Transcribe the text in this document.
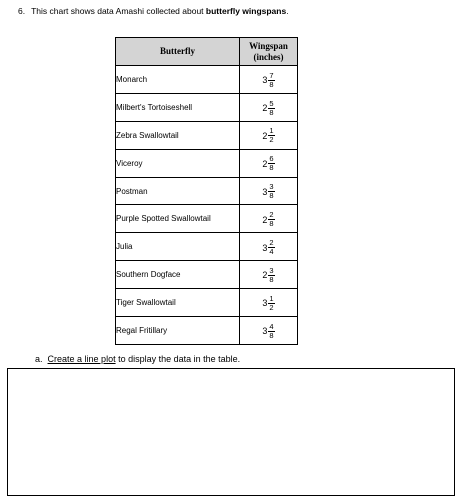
6. This chart shows data Amashi collected about butterfly wingspans.
Butterfly	Wingspan
(inches)
Monarch	$3 \frac{7}{8}$

Milbert's Tortoiseshell	$2 \frac{5}{8}$

Zebra Swallowtail	$2 \frac{1}{2}$

Viceroy	$2 \frac{6}{8}$

Postman	$3 \frac{3}{8}$

Purple Spotted Swallowtail	$2 \frac{2}{8}$

Julia	$3 \frac{2}{4}$

Southern Dogface	$2 \frac{3}{8}$

Tiger Swallowtail	$3 \frac{1}{2}$

Regal Fritillary	$3 \frac{4}{8}$
a. Create a line plot to display the data in the table.
